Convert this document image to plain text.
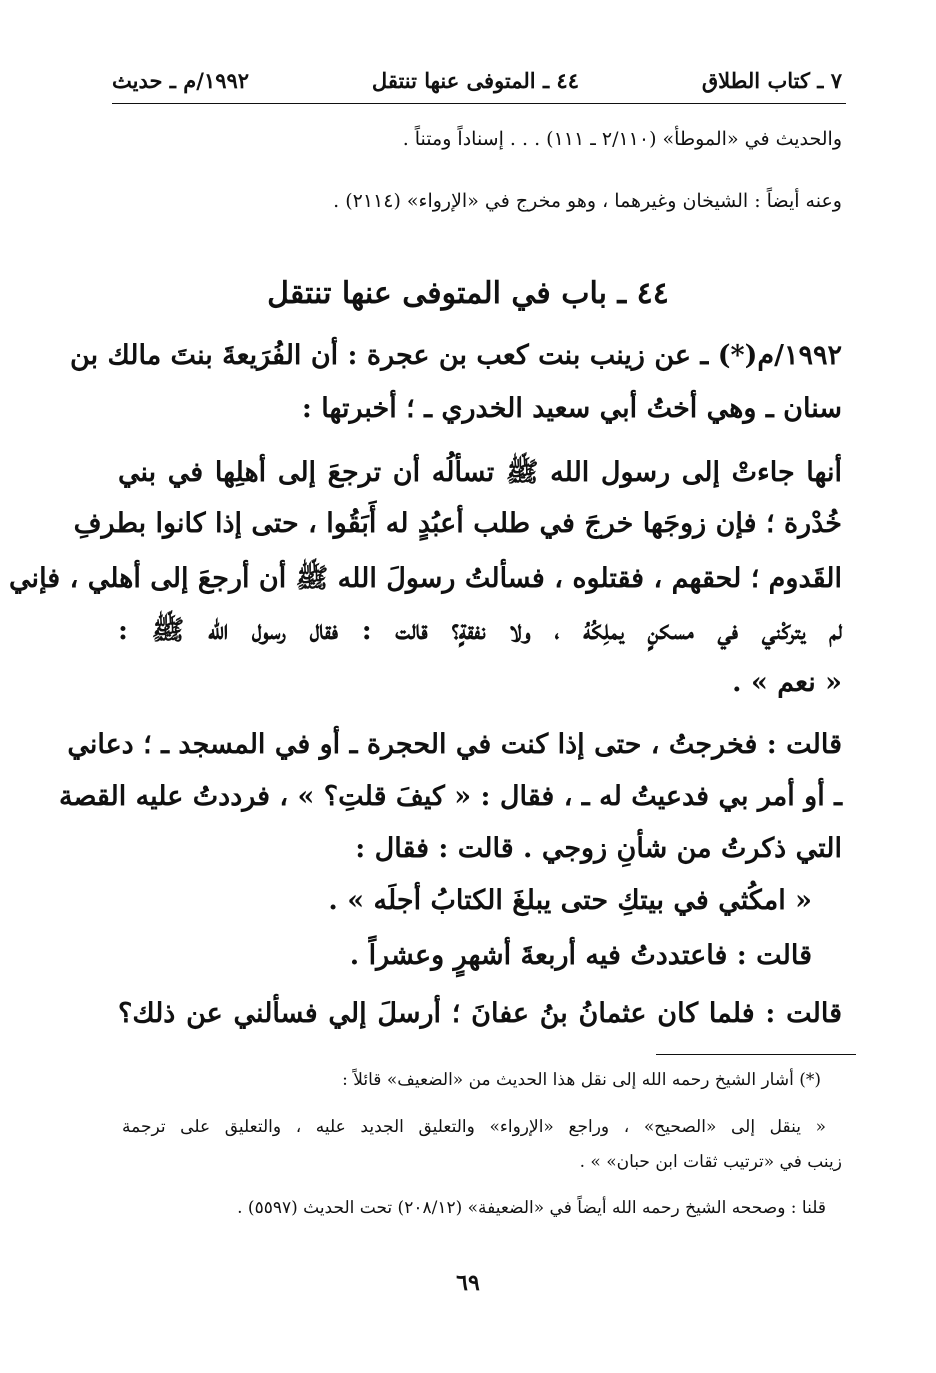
٧ ـ كتاب الطلاق
٤٤ ـ المتوفى عنها تنتقل
١٩٩٢/م ـ حديث
والحديث في «الموطأ» (٢/١١٠ ـ ١١١) . . . إسناداً ومتناً .
وعنه أيضاً : الشيخان وغيرهما ، وهو مخرج في «الإرواء» (٢١١٤) .
٤٤ ـ باب في المتوفى عنها تنتقل
١٩٩٢/م(*) ـ عن زينب بنت كعب بن عجرة : أن الفُرَيعةَ بنتَ مالك بن
سنان ـ وهي أختُ أبي سعيد الخدري ـ ؛ أخبرتها :
أنها جاءتْ إلى رسول الله ﷺ تسألُه أن ترجعَ إلى أهلِها في بني
خُدْرة ؛ فإن زوجَها خرجَ في طلب أعبُدٍ له أَبَقُوا ، حتى إذا كانوا بطرفِ
القَدوم ؛ لحقهم ، فقتلوه ، فسألتُ رسولَ الله ﷺ أن أرجعَ إلى أهلي ، فإني
لم يتركْني في مسكنٍ يملِكُهُ ، ولا نفقةٍ؟ قالت : فقال رسول الله ﷺ :
« نعم » .
قالت : فخرجتُ ، حتى إذا كنت في الحجرة ـ أو في المسجد ـ ؛ دعاني
ـ أو أمر بي فدعيتُ له ـ ، فقال : « كيفَ قلتِ؟ » ، فرددتُ عليه القصة
التي ذكرتُ من شأنِ زوجي . قالت : فقال :
« امكُثي في بيتكِ حتى يبلغَ الكتابُ أجلَه » .
قالت : فاعتددتُ فيه أربعةَ أشهرٍ وعشراً .
قالت : فلما كان عثمانُ بنُ عفانَ ؛ أرسلَ إلي فسألني عن ذلك؟
(*) أشار الشيخ رحمه الله إلى نقل هذا الحديث من «الضعيف» قائلاً :
« ينقل إلى «الصحيح» ، وراجع «الإرواء» والتعليق الجديد عليه ، والتعليق على ترجمة
زينب في «ترتيب ثقات ابن حبان» » .
قلنا : وصححه الشيخ رحمه الله أيضاً في «الضعيفة» (٢٠٨/١٢) تحت الحديث (٥٥٩٧) .
٦٩
